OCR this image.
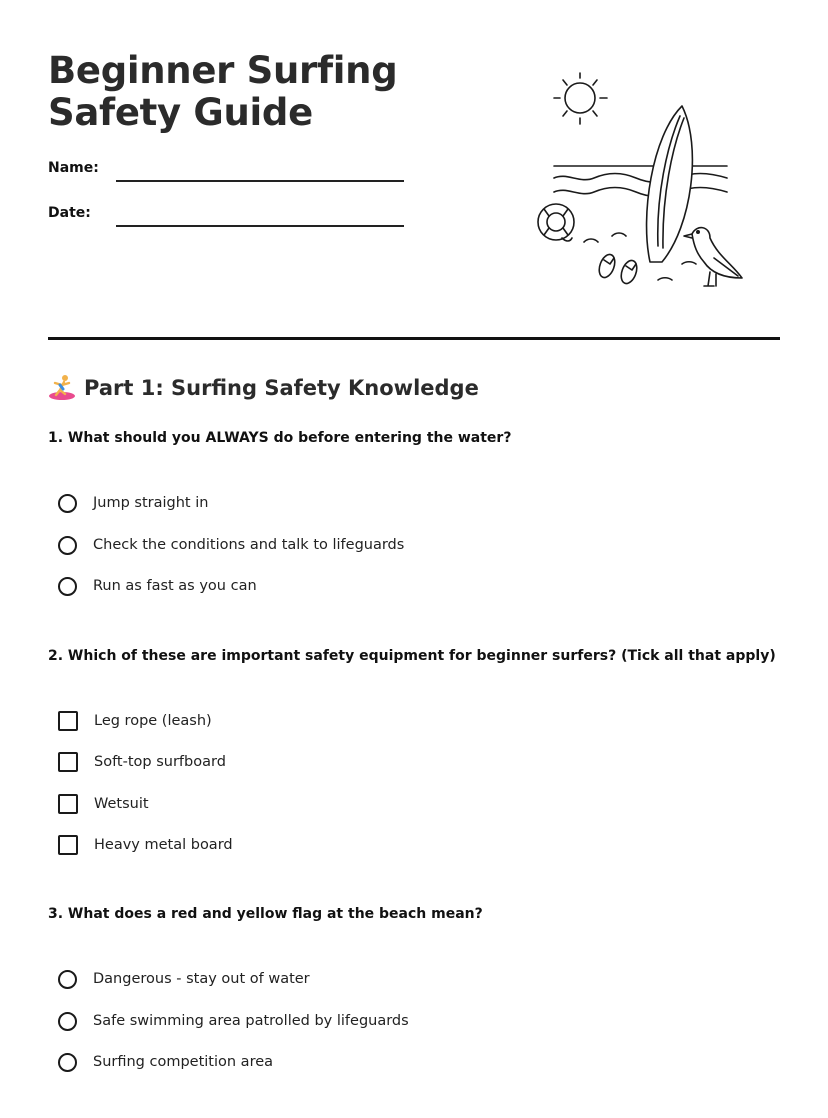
Beginner Surfing Safety Guide
Name:
Date:
Part 1: Surfing Safety Knowledge

1. What should you ALWAYS do before entering the water?

Jump straight in
Check the conditions and talk to lifeguards
Run as fast as you can

2. Which of these are important safety equipment for beginner surfers? (Tick all that apply)

Leg rope (leash)
Soft-top surfboard
Wetsuit
Heavy metal board

3. What does a red and yellow flag at the beach mean?

Dangerous - stay out of water
Safe swimming area patrolled by lifeguards
Surfing competition area
